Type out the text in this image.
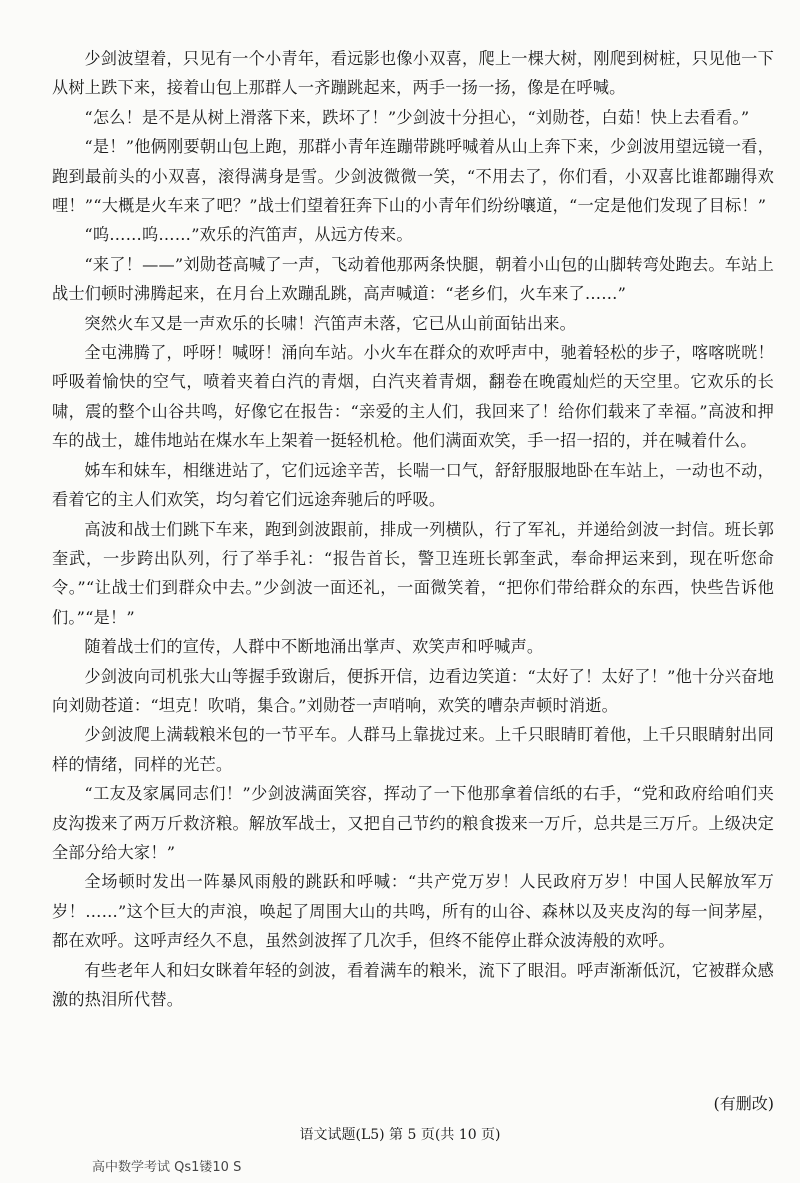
少剑波望着，只见有一个小青年，看远影也像小双喜，爬上一棵大树，刚爬到树桩，只见他一下从树上跌下来，接着山包上那群人一齐蹦跳起来，两手一扬一扬，像是在呼喊。

“怎么！是不是从树上滑落下来，跌坏了！”少剑波十分担心，“刘勋苍，白茹！快上去看看。”

“是！”他俩刚要朝山包上跑，那群小青年连蹦带跳呼喊着从山上奔下来，少剑波用望远镜一看，跑到最前头的小双喜，滚得满身是雪。少剑波微微一笑，“不用去了，你们看，小双喜比谁都蹦得欢哩！”“大概是火车来了吧？”战士们望着狂奔下山的小青年们纷纷嚷道，“一定是他们发现了目标！”

“呜……呜……”欢乐的汽笛声，从远方传来。

“来了！——”刘勋苍高喊了一声，飞动着他那两条快腿，朝着小山包的山脚转弯处跑去。车站上战士们顿时沸腾起来，在月台上欢蹦乱跳，高声喊道：“老乡们，火车来了……”

突然火车又是一声欢乐的长啸！汽笛声未落，它已从山前面钻出来。

全屯沸腾了，呼呀！喊呀！涌向车站。小火车在群众的欢呼声中，驰着轻松的步子，喀喀咣咣！呼吸着愉快的空气，喷着夹着白汽的青烟，白汽夹着青烟，翻卷在晚霞灿烂的天空里。它欢乐的长啸，震的整个山谷共鸣，好像它在报告：“亲爱的主人们，我回来了！给你们载来了幸福。”高波和押车的战士，雄伟地站在煤水车上架着一挺轻机枪。他们满面欢笑，手一招一招的，并在喊着什么。

姊车和妹车，相继进站了，它们远途辛苦，长喘一口气，舒舒服服地卧在车站上，一动也不动，看着它的主人们欢笑，均匀着它们远途奔驰后的呼吸。

高波和战士们跳下车来，跑到剑波跟前，排成一列横队，行了军礼，并递给剑波一封信。班长郭奎武，一步跨出队列，行了举手礼：“报告首长，警卫连班长郭奎武，奉命押运来到，现在听您命令。”“让战士们到群众中去。”少剑波一面还礼，一面微笑着，“把你们带给群众的东西，快些告诉他们。”“是！”

随着战士们的宣传，人群中不断地涌出掌声、欢笑声和呼喊声。

少剑波向司机张大山等握手致谢后，便拆开信，边看边笑道：“太好了！太好了！”他十分兴奋地向刘勋苍道：“坦克！吹哨，集合。”刘勋苍一声哨响，欢笑的嘈杂声顿时消逝。

少剑波爬上满载粮米包的一节平车。人群马上靠拢过来。上千只眼睛盯着他，上千只眼睛射出同样的情绪，同样的光芒。

“工友及家属同志们！”少剑波满面笑容，挥动了一下他那拿着信纸的右手，“党和政府给咱们夹皮沟拨来了两万斤救济粮。解放军战士，又把自己节约的粮食拨来一万斤，总共是三万斤。上级决定全部分给大家！”

全场顿时发出一阵暴风雨般的跳跃和呼喊：“共产党万岁！人民政府万岁！中国人民解放军万岁！……”这个巨大的声浪，唤起了周围大山的共鸣，所有的山谷、森林以及夹皮沟的每一间茅屋，都在欢呼。这呼声经久不息，虽然剑波挥了几次手，但终不能停止群众波涛般的欢呼。

有些老年人和妇女眯着年轻的剑波，看着满车的粮米，流下了眼泪。呼声渐渐低沉，它被群众感激的热泪所代替。

(有删改)
语文试题(L5) 第 5 页(共 10 页)
高中数学考试 Qs1镂10 S
